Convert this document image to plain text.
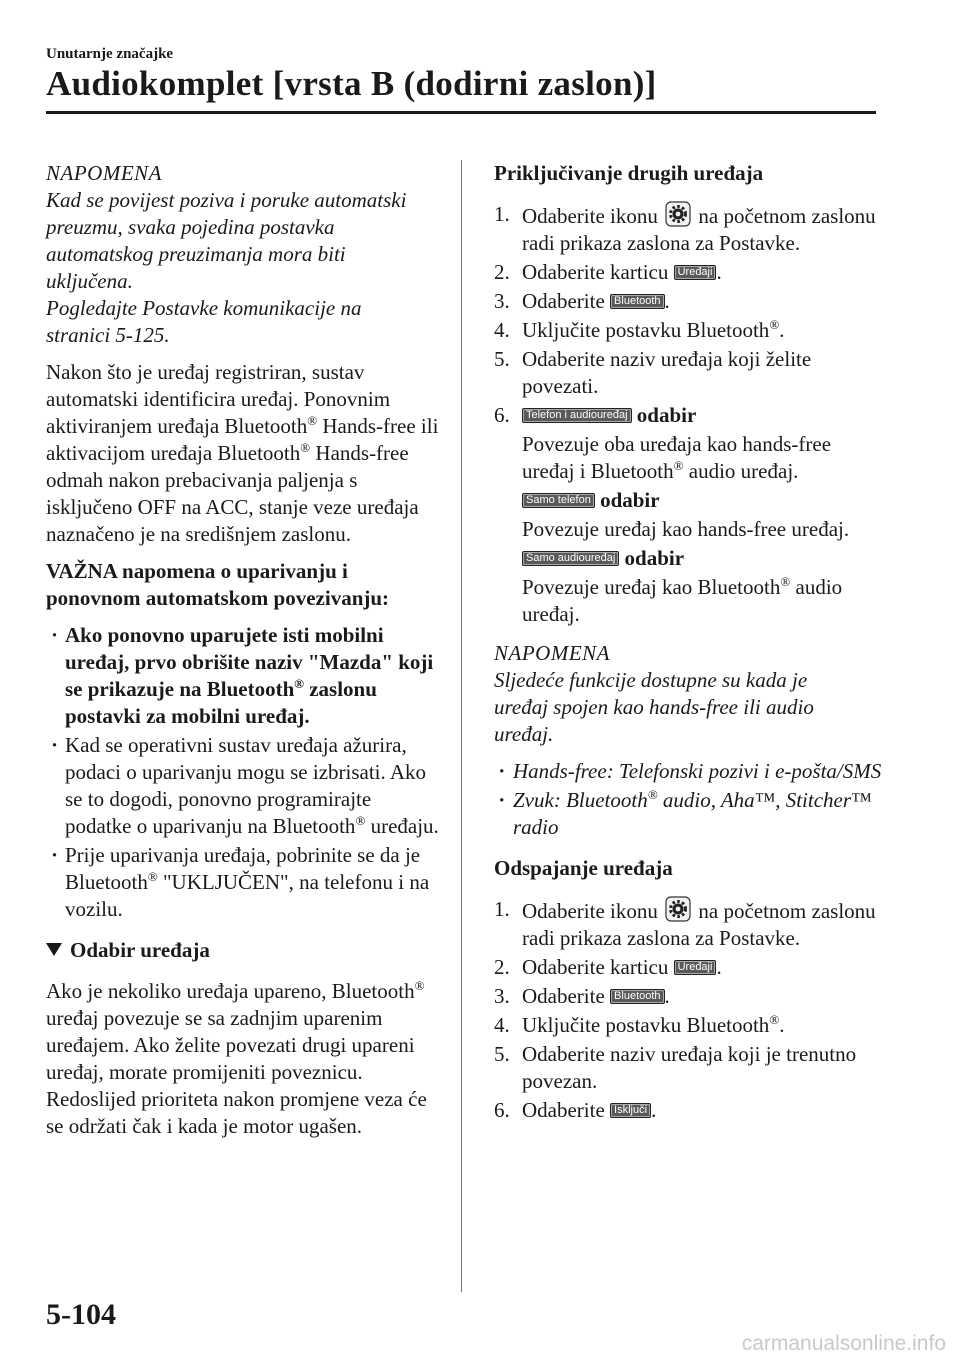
Unutarnje značajke
Audiokomplet [vrsta B (dodirni zaslon)]
NAPOMENA
Kad se povijest poziva i poruke automatski
preuzmu, svaka pojedina postavka
automatskog preuzimanja mora biti
uključena.
Pogledajte Postavke komunikacije na
stranici 5-125.

Nakon što je uređaj registriran, sustav automatski identificira uređaj. Ponovnim aktiviranjem uređaja Bluetooth® Hands-free ili aktivacijom uređaja Bluetooth® Hands-free odmah nakon prebacivanja paljenja s isključeno OFF na ACC, stanje veze uređaja naznačeno je na središnjem zaslonu.

VAŽNA napomena o uparivanju i ponovnom automatskom povezivanju:

· Ako ponovno uparujete isti mobilni uređaj, prvo obrišite naziv "Mazda" koji se prikazuje na Bluetooth® zaslonu postavki za mobilni uređaj.
· Kad se operativni sustav uređaja ažurira, podaci o uparivanju mogu se izbrisati. Ako se to dogodi, ponovno programirajte podatke o uparivanju na Bluetooth® uređaju.
· Prije uparivanja uređaja, pobrinite se da je Bluetooth® "UKLJUČEN", na telefonu i na vozilu.

Odabir uređaja

Ako je nekoliko uređaja upareno, Bluetooth® uređaj povezuje se sa zadnjim uparenim uređajem. Ako želite povezati drugi upareni uređaj, morate promijeniti poveznicu. Redoslijed prioriteta nakon promjene veza će se održati čak i kada je motor ugašen.

Priključivanje drugih uređaja

1. Odaberite ikonu  na početnom zaslonu radi prikaza zaslona za Postavke.
2. Odaberite karticu Uređaji .
3. Odaberite Bluetooth .
4. Uključite postavku Bluetooth®.
5. Odaberite naziv uređaja koji želite povezati.
6. Telefon i audiouređaj odabir
Povezuje oba uređaja kao hands-free uređaj i Bluetooth® audio uređaj.
Samo telefon odabir
Povezuje uređaj kao hands-free uređaj.
Samo audiouređaj odabir
Povezuje uređaj kao Bluetooth® audio uređaj.
NAPOMENA
Sljedeće funkcije dostupne su kada je
uređaj spojen kao hands-free ili audio
uređaj.
· Hands-free: Telefonski pozivi i e-pošta/SMS
· Zvuk: Bluetooth® audio, Aha™, Stitcher™ radio

Odspajanje uređaja

1. Odaberite ikonu  na početnom zaslonu radi prikaza zaslona za Postavke.
2. Odaberite karticu Uređaji .
3. Odaberite Bluetooth .
4. Uključite postavku Bluetooth®.
5. Odaberite naziv uređaja koji je trenutno povezan.
6. Odaberite Isključi .
5-104
carmanualsonline.info
